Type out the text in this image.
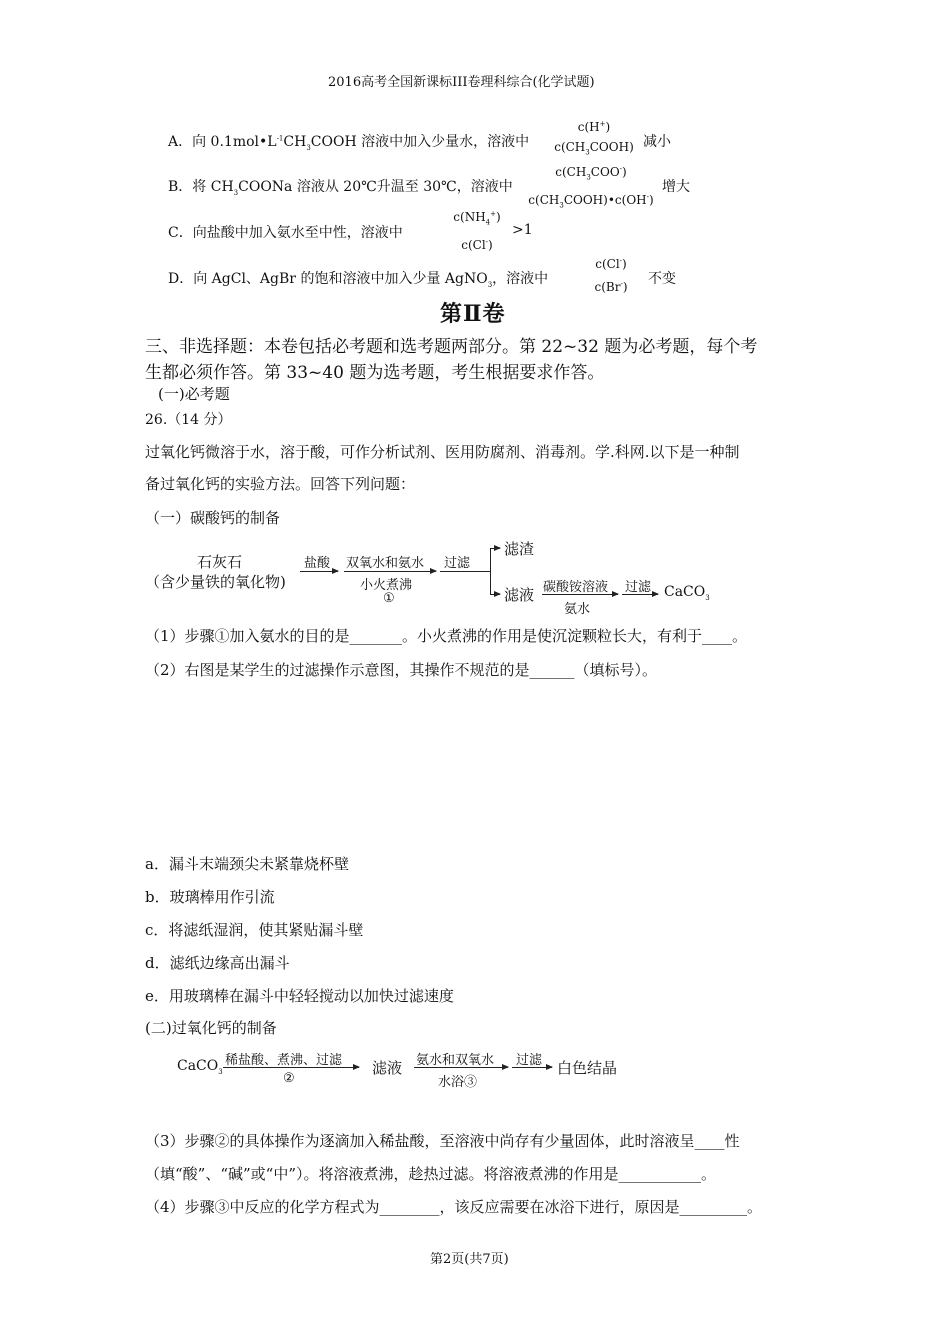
2016高考全国新课标III卷理科综合(化学试题)
A．向 $0.1mol•L^{-1}CH_3COOH$ 溶液中加入少量水，溶液中
c(H+)
$c(CH_3COOH)$ 减小
B．将 $CH_3COONa$ 溶液从 20℃升温至 30℃，溶液中
$c(CH_3COO^-)$
$c(CH_3COOH)•c(OH^-)$
增大
C．向盐酸中加入氨水至中性，溶液中
$c(NH_4^+)$
c(Cl-)
>1
D．向 AgCl、AgBr 的饱和溶液中加入少量 AgNO$_3$，溶液中
c(Cl-)
c(Br-)	不变
第Ⅱ卷
三、非选择题：本卷包括必考题和选考题两部分。第 22~32 题为必考题，每个考
生都必须作答。第 33~40 题为选考题，考生根据要求作答。
(一)必考题
26.（14 分）
过氧化钙微溶于水，溶于酸，可作分析试剂、医用防腐剂、消毒剂。学.科网.以下是一种制
备过氧化钙的实验方法。回答下列问题：
（一）碳酸钙的制备
石灰石
（含少量铁的氧化物)
盐酸 双氧水和氨水
小火煮沸
①
过滤
滤渣
滤液 碳酸铵溶液
氨水
过滤 CaCO$_3$
（1）步骤①加入氨水的目的是_______。小火煮沸的作用是使沉淀颗粒长大，有利于____。
（2）右图是某学生的过滤操作示意图，其操作不规范的是______（填标号）。
a．漏斗末端颈尖未紧靠烧杯壁
b．玻璃棒用作引流
c．将滤纸湿润，使其紧贴漏斗壁
d．滤纸边缘高出漏斗
e．用玻璃棒在漏斗中轻轻搅动以加快过滤速度
(二)过氧化钙的制备
CaCO$_3$
稀盐酸、煮沸、过滤
②
滤液 氨水和双氧水
水浴③
过滤 白色结晶
（3）步骤②的具体操作为逐滴加入稀盐酸，至溶液中尚存有少量固体，此时溶液呈____性
（填“酸”、“碱”或“中”）。将溶液煮沸，趁热过滤。将溶液煮沸的作用是___________。
（4）步骤③中反应的化学方程式为________，该反应需要在冰浴下进行，原因是_________。
第2页(共7页)
